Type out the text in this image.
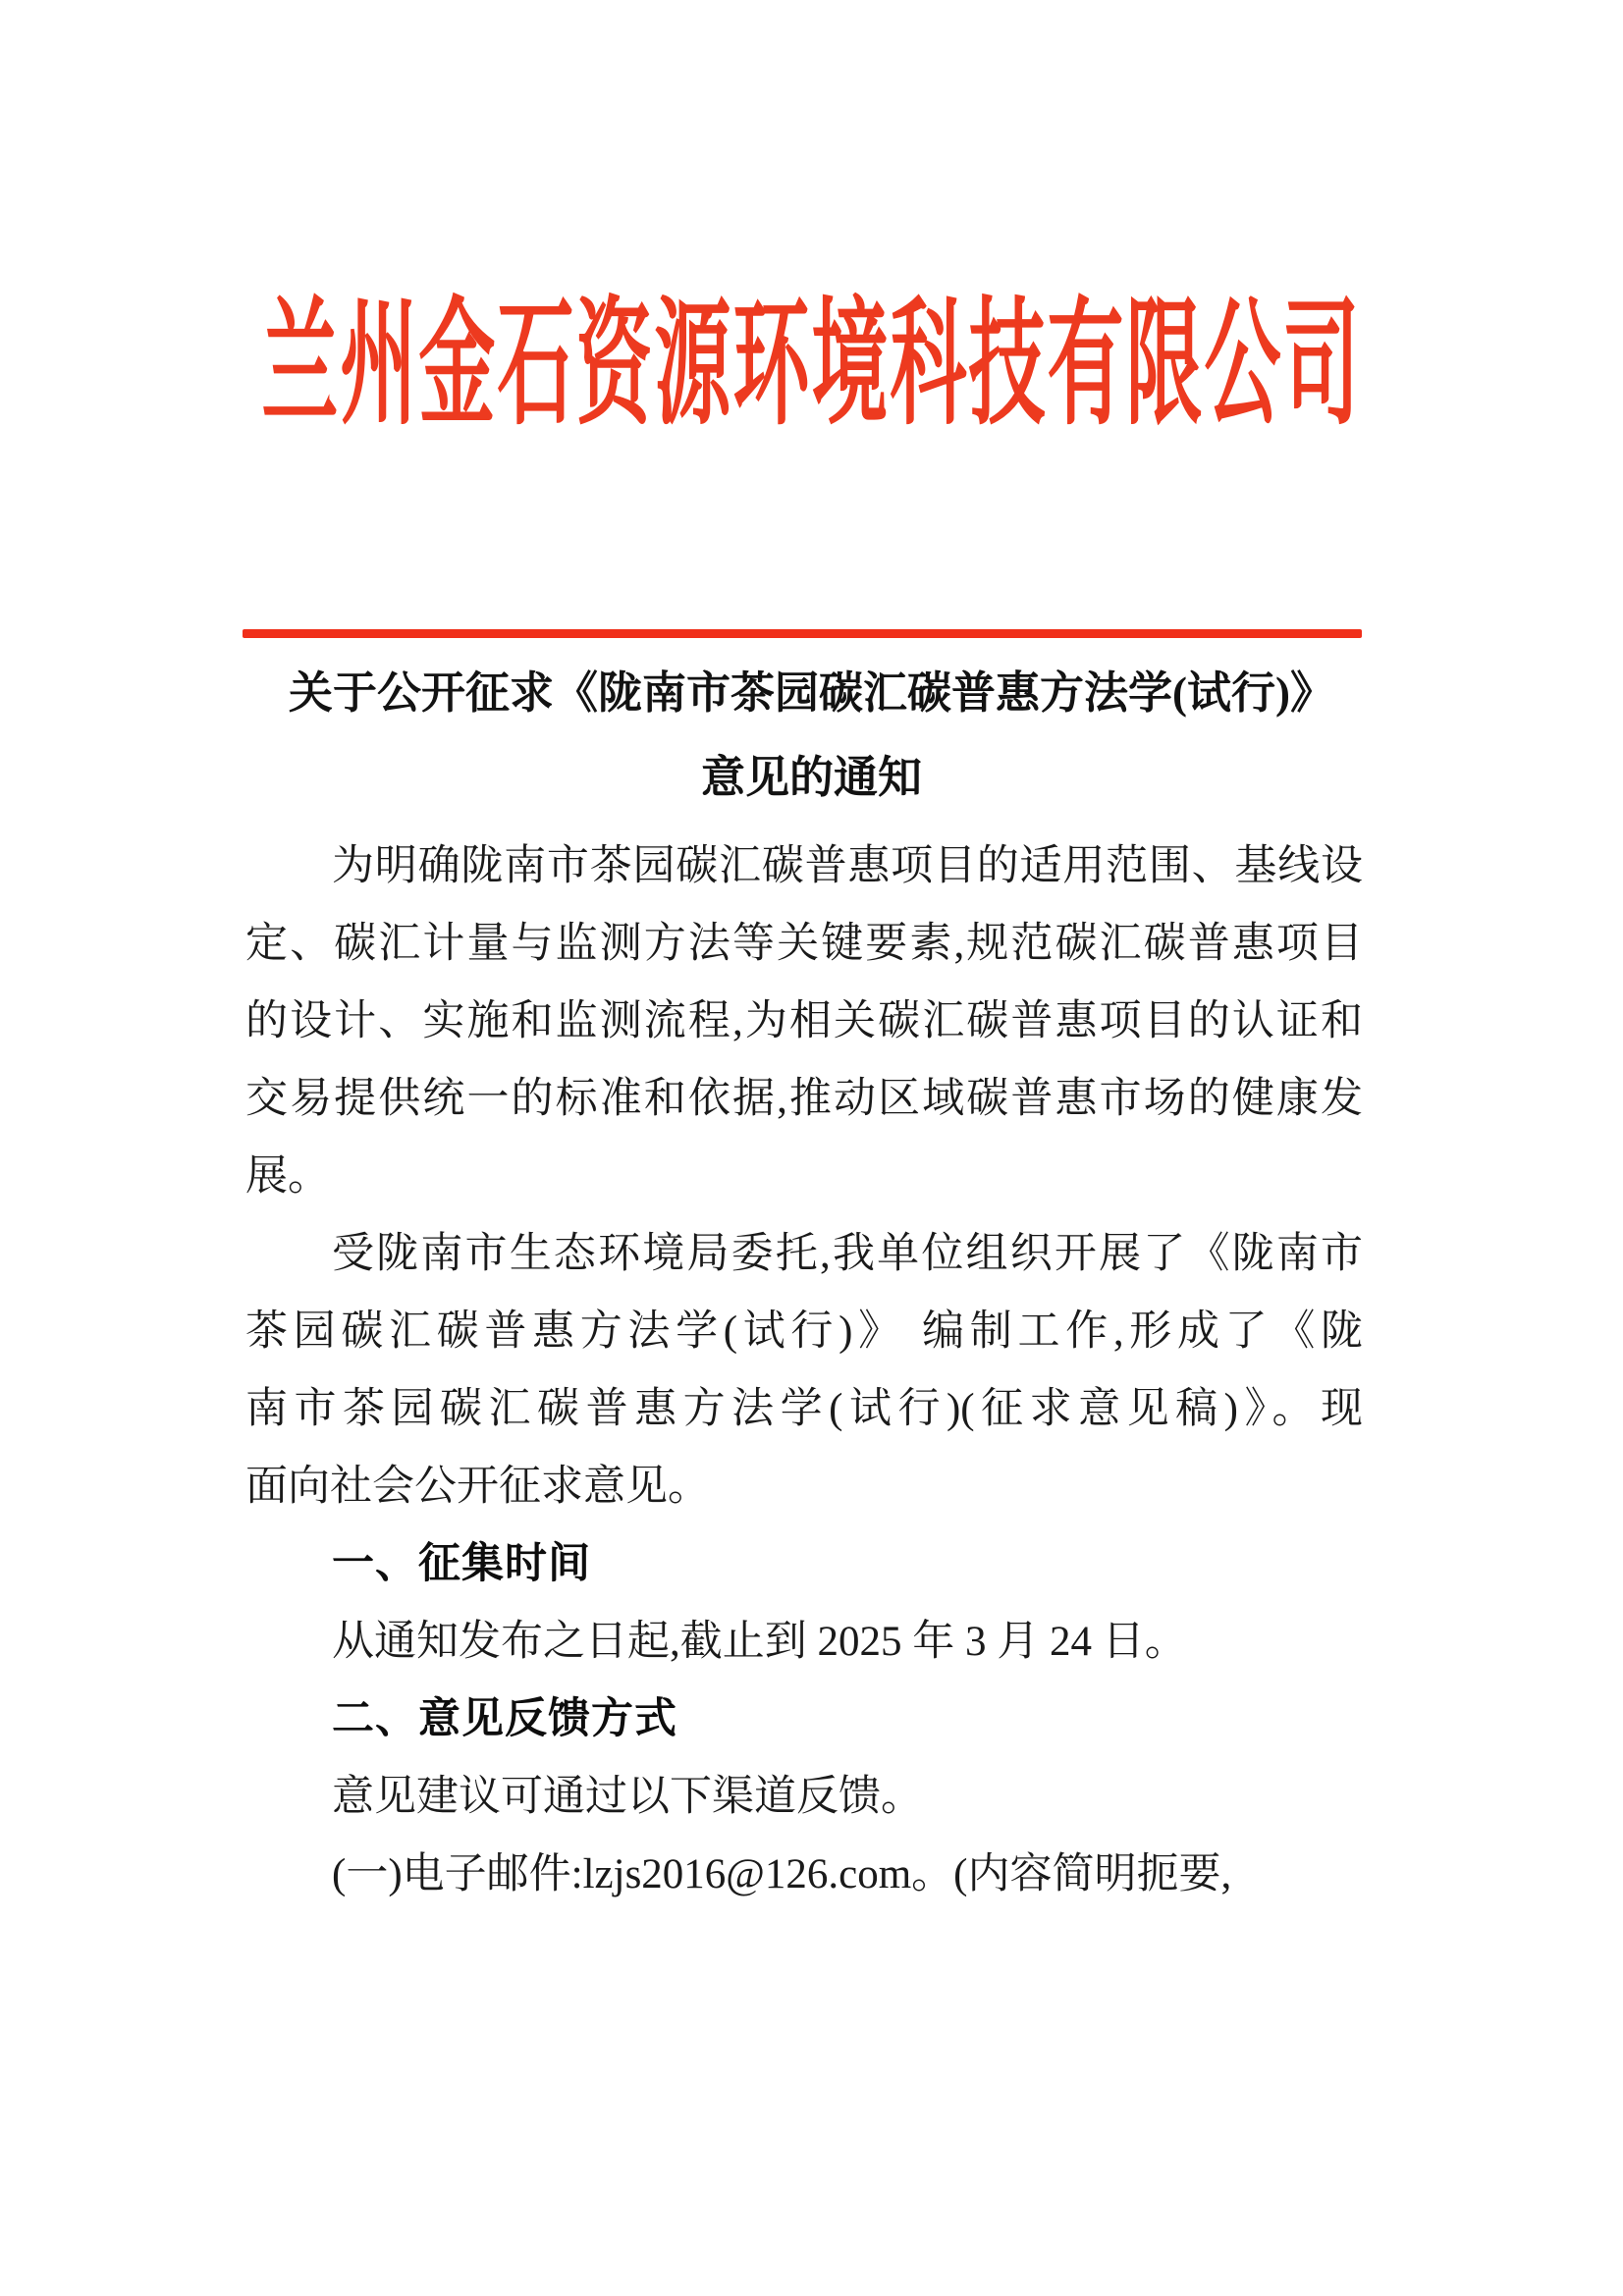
兰州金石资源环境科技有限公司
关于公开征求《陇南市茶园碳汇碳普惠方法学(试行)》
意见的通知
为明确陇南市茶园碳汇碳普惠项目的适用范围、基线设
定、碳汇计量与监测方法等关键要素,规范碳汇碳普惠项目
的设计、实施和监测流程,为相关碳汇碳普惠项目的认证和
交易提供统一的标准和依据,推动区域碳普惠市场的健康发
展。
受陇南市生态环境局委托,我单位组织开展了《陇南市
茶园碳汇碳普惠方法学(试行)》 编制工作,形成了《陇
南市茶园碳汇碳普惠方法学(试行)(征求意见稿)》。现
面向社会公开征求意见。
一、征集时间
从通知发布之日起,截止到 2025 年 3 月 24 日。
二、意见反馈方式
意见建议可通过以下渠道反馈。
(一)电子邮件:lzjs2016@126.com。(内容简明扼要,
